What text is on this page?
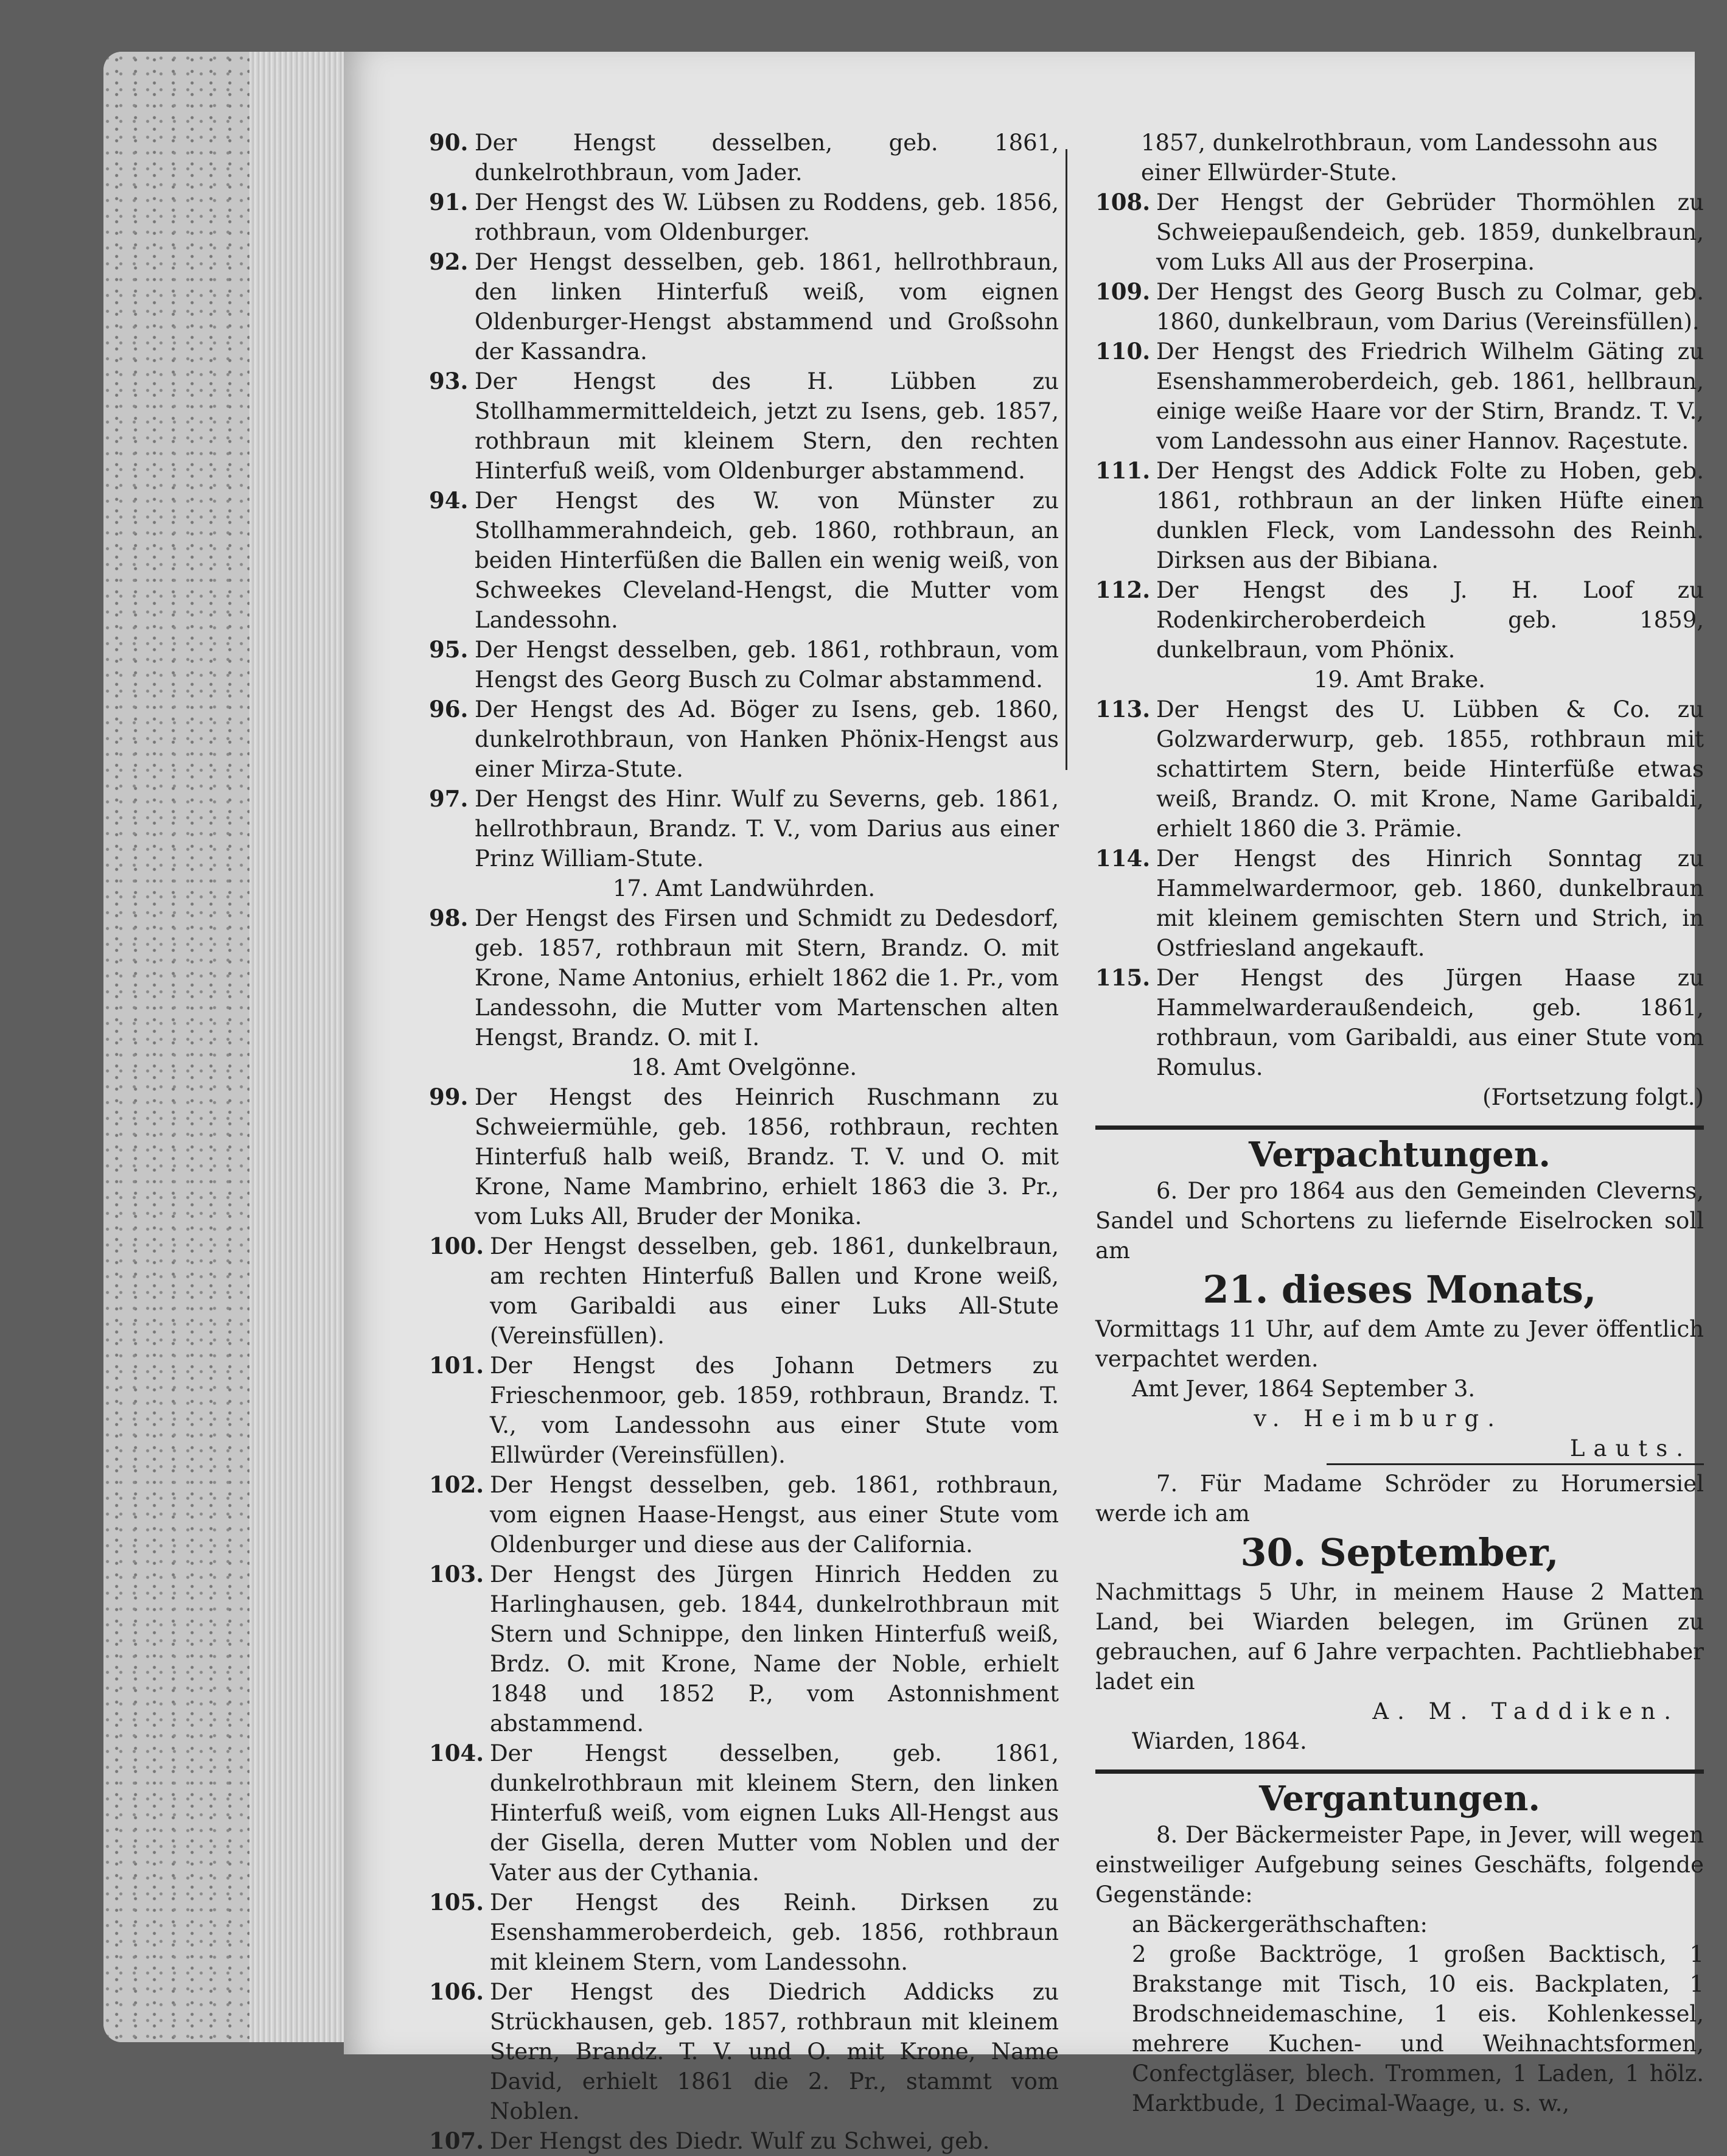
90. Der Hengst desselben, geb. 1861, dunkelrothbraun, vom Jader.
91. Der Hengst des W. Lübsen zu Roddens, geb. 1856, rothbraun, vom Oldenburger.
92. Der Hengst desselben, geb. 1861, hellrothbraun, den linken Hinterfuß weiß, vom eignen Oldenburger-Hengst abstammend und Großsohn der Kassandra.
93. Der Hengst des H. Lübben zu Stollhammermitteldeich, jetzt zu Isens, geb. 1857, rothbraun mit kleinem Stern, den rechten Hinterfuß weiß, vom Oldenburger abstammend.
94. Der Hengst des W. von Münster zu Stollhammerahndeich, geb. 1860, rothbraun, an beiden Hinterfüßen die Ballen ein wenig weiß, von Schweekes Cleveland-Hengst, die Mutter vom Landessohn.
95. Der Hengst desselben, geb. 1861, rothbraun, vom Hengst des Georg Busch zu Colmar abstammend.
96. Der Hengst des Ad. Böger zu Isens, geb. 1860, dunkelrothbraun, von Hanken Phönix-Hengst aus einer Mirza-Stute.
97. Der Hengst des Hinr. Wulf zu Severns, geb. 1861, hellrothbraun, Brandz. T. V., vom Darius aus einer Prinz William-Stute.
17. Amt Landwührden.
98. Der Hengst des Firsen und Schmidt zu Dedesdorf, geb. 1857, rothbraun mit Stern, Brandz. O. mit Krone, Name Antonius, erhielt 1862 die 1. Pr., vom Landessohn, die Mutter vom Martenschen alten Hengst, Brandz. O. mit I.
18. Amt Ovelgönne.
99. Der Hengst des Heinrich Ruschmann zu Schweiermühle, geb. 1856, rothbraun, rechten Hinterfuß halb weiß, Brandz. T. V. und O. mit Krone, Name Mambrino, erhielt 1863 die 3. Pr., vom Luks All, Bruder der Monika.
100. Der Hengst desselben, geb. 1861, dunkelbraun, am rechten Hinterfuß Ballen und Krone weiß, vom Garibaldi aus einer Luks All-Stute (Vereinsfüllen).
101. Der Hengst des Johann Detmers zu Frieschenmoor, geb. 1859, rothbraun, Brandz. T. V., vom Landessohn aus einer Stute vom Ellwürder (Vereinsfüllen).
102. Der Hengst desselben, geb. 1861, rothbraun, vom eignen Haase-Hengst, aus einer Stute vom Oldenburger und diese aus der California.
103. Der Hengst des Jürgen Hinrich Hedden zu Harlinghausen, geb. 1844, dunkelrothbraun mit Stern und Schnippe, den linken Hinterfuß weiß, Brdz. O. mit Krone, Name der Noble, erhielt 1848 und 1852 P., vom Astonnishment abstammend.
104. Der Hengst desselben, geb. 1861, dunkelrothbraun mit kleinem Stern, den linken Hinterfuß weiß, vom eignen Luks All-Hengst aus der Gisella, deren Mutter vom Noblen und der Vater aus der Cythania.
105. Der Hengst des Reinh. Dirksen zu Esenshammeroberdeich, geb. 1856, rothbraun mit kleinem Stern, vom Landessohn.
106. Der Hengst des Diedrich Addicks zu Strückhausen, geb. 1857, rothbraun mit kleinem Stern, Brandz. T. V. und O. mit Krone, Name David, erhielt 1861 die 2. Pr., stammt vom Noblen.
107. Der Hengst des Diedr. Wulf zu Schwei, geb.
1857, dunkelrothbraun, vom Landessohn aus einer Ellwürder-Stute.
108. Der Hengst der Gebrüder Thormöhlen zu Schweiераußendeich, geb. 1859, dunkelbraun, vom Luks All aus der Proserpina.
109. Der Hengst des Georg Busch zu Colmar, geb. 1860, dunkelbraun, vom Darius (Vereinsfüllen).
110. Der Hengst des Friedrich Wilhelm Gäting zu Esenshammeroberdeich, geb. 1861, hellbraun, einige weiße Haare vor der Stirn, Brandz. T. V., vom Landessohn aus einer Hannov. Raçestute.
111. Der Hengst des Addick Folte zu Hoben, geb. 1861, rothbraun an der linken Hüfte einen dunklen Fleck, vom Landessohn des Reinh. Dirksen aus der Bibiana.
112. Der Hengst des J. H. Loof zu Rodenkircheroberdeich geb. 1859, dunkelbraun, vom Phönix.
19. Amt Brake.
113. Der Hengst des U. Lübben & Co. zu Golzwarderwurp, geb. 1855, rothbraun mit schattirtem Stern, beide Hinterfüße etwas weiß, Brandz. O. mit Krone, Name Garibaldi, erhielt 1860 die 3. Prämie.
114. Der Hengst des Hinrich Sonntag zu Hammelwardermoor, geb. 1860, dunkelbraun mit kleinem gemischten Stern und Strich, in Ostfriesland angekauft.
115. Der Hengst des Jürgen Haase zu Hammelwarderaußendeich, geb. 1861, rothbraun, vom Garibaldi, aus einer Stute vom Romulus.
(Fortsetzung folgt.)
Verpachtungen.
6. Der pro 1864 aus den Gemeinden Cleverns, Sandel und Schortens zu liefernde Eiselrocken soll am
21. dieses Monats,
Vormittags 11 Uhr, auf dem Amte zu Jever öffentlich verpachtet werden.
Amt Jever, 1864 September 3.
v. Heimburg.
Lauts.
7. Für Madame Schröder zu Horumersiel werde ich am
30. September,
Nachmittags 5 Uhr, in meinem Hause 2 Matten Land, bei Wiarden belegen, im Grünen zu gebrauchen, auf 6 Jahre verpachten. Pachtliebhaber ladet ein
A. M. Taddiken.
Wiarden, 1864.
Vergantungen.
8. Der Bäckermeister Pape, in Jever, will wegen einstweiliger Aufgebung seines Geschäfts, folgende Gegenstände:
an Bäckergeräthschaften:
2 große Backtröge, 1 großen Backtisch, 1 Brakstange mit Tisch, 10 eis. Backplaten, 1 Brodschneidemaschine, 1 eis. Kohlenkessel, mehrere Kuchen- und Weihnachtsformen, Confectgläser, blech. Trommen, 1 Laden, 1 hölz. Marktbude, 1 Decimal-Waage, u. s. w.,
